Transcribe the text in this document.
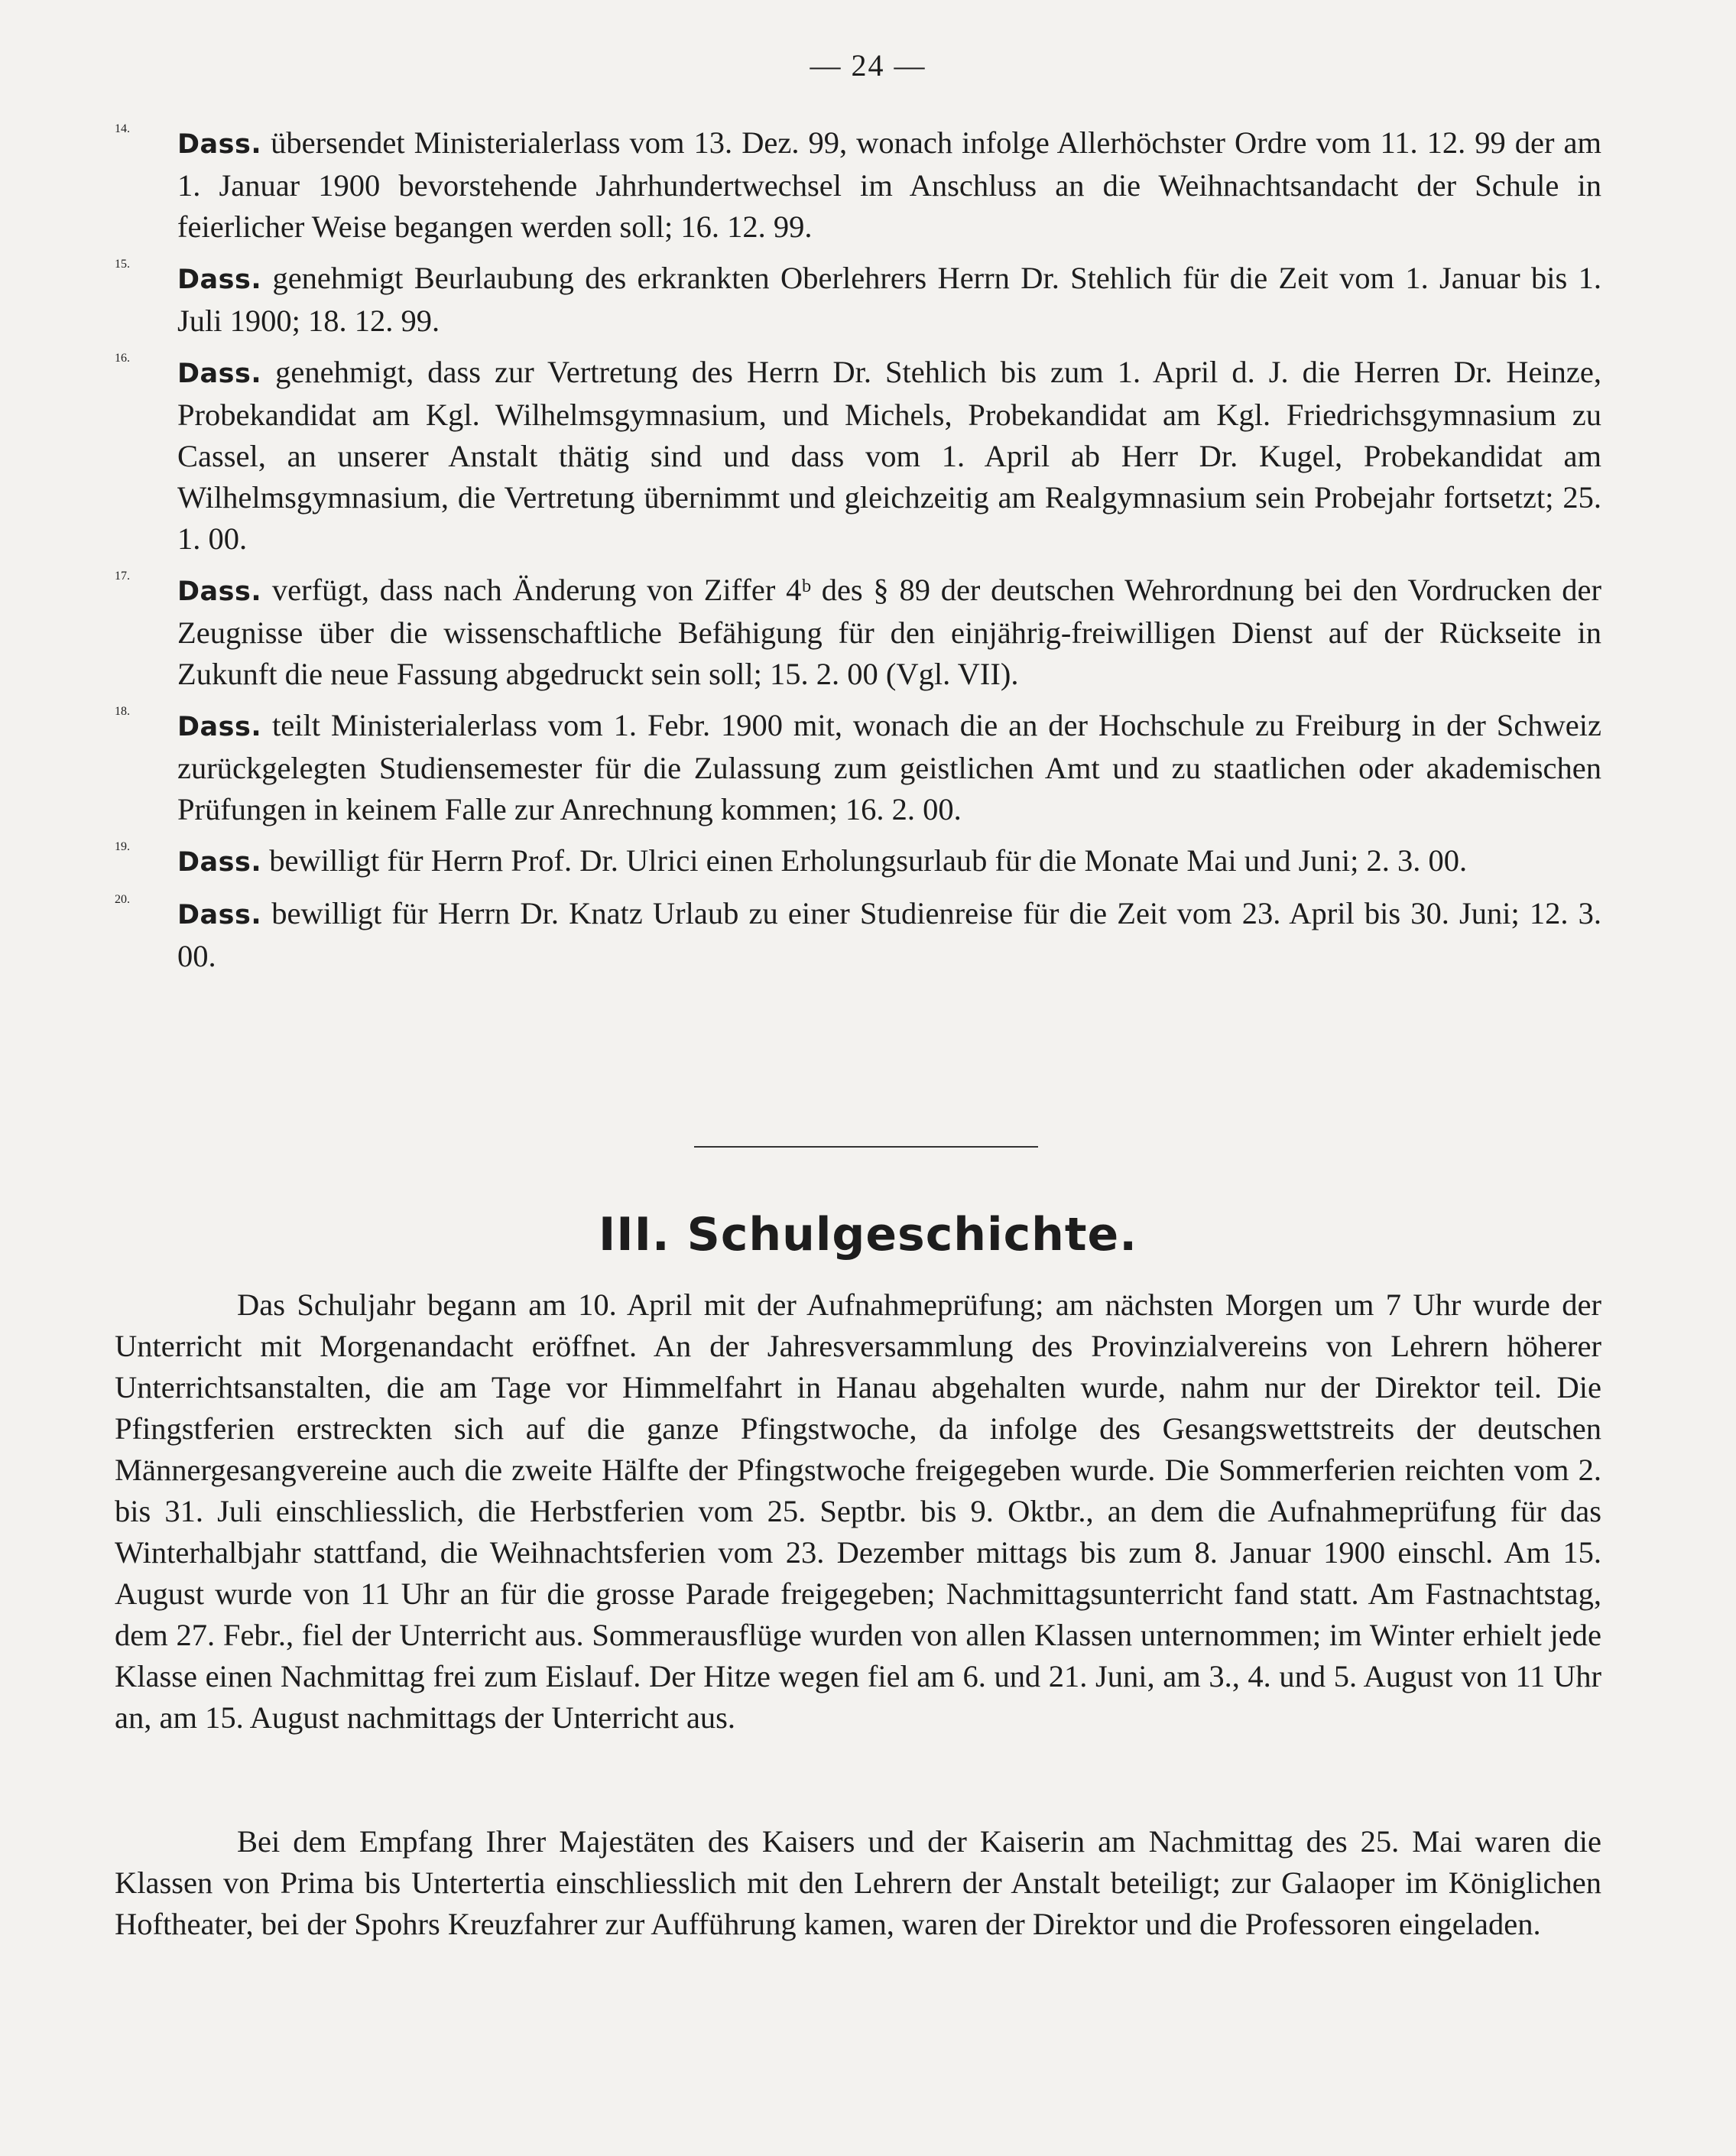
— 24 —
14.

Dass. übersendet Ministerialerlass vom 13. Dez. 99, wonach infolge Allerhöchster Ordre vom 11. 12. 99 der am 1. Januar 1900 bevorstehende Jahrhundertwechsel im Anschluss an die Weihnachtsandacht der Schule in feierlicher Weise begangen werden soll; 16. 12. 99.

15.

Dass. genehmigt Beurlaubung des erkrankten Oberlehrers Herrn Dr. Stehlich für die Zeit vom 1. Januar bis 1. Juli 1900; 18. 12. 99.

16.

Dass. genehmigt, dass zur Vertretung des Herrn Dr. Stehlich bis zum 1. April d. J. die Herren Dr. Heinze, Probekandidat am Kgl. Wilhelmsgymnasium, und Michels, Probekandidat am Kgl. Friedrichsgymnasium zu Cassel, an unserer Anstalt thätig sind und dass vom 1. April ab Herr Dr. Kugel, Probekandidat am Wilhelmsgymnasium, die Vertretung übernimmt und gleichzeitig am Realgymnasium sein Probejahr fortsetzt; 25. 1. 00.

17.

Dass. verfügt, dass nach Änderung von Ziffer 4ᵇ des § 89 der deutschen Wehrordnung bei den Vordrucken der Zeugnisse über die wissenschaftliche Befähigung für den einjährig-freiwilligen Dienst auf der Rückseite in Zukunft die neue Fassung abgedruckt sein soll; 15. 2. 00 (Vgl. VII).

18.

Dass. teilt Ministerialerlass vom 1. Febr. 1900 mit, wonach die an der Hochschule zu Freiburg in der Schweiz zurückgelegten Studiensemester für die Zulassung zum geistlichen Amt und zu staatlichen oder akademischen Prüfungen in keinem Falle zur Anrechnung kommen; 16. 2. 00.

19.

Dass. bewilligt für Herrn Prof. Dr. Ulrici einen Erholungsurlaub für die Monate Mai und Juni; 2. 3. 00.

20.

Dass. bewilligt für Herrn Dr. Knatz Urlaub zu einer Studienreise für die Zeit vom 23. April bis 30. Juni; 12. 3. 00.

III. Schulgeschichte.

Das Schuljahr begann am 10. April mit der Aufnahmeprüfung; am nächsten Morgen um 7 Uhr wurde der Unterricht mit Morgenandacht eröffnet. An der Jahresversammlung des Provinzialvereins von Lehrern höherer Unterrichtsanstalten, die am Tage vor Himmelfahrt in Hanau abgehalten wurde, nahm nur der Direktor teil. Die Pfingstferien erstreckten sich auf die ganze Pfingstwoche, da infolge des Gesangswettstreits der deutschen Männergesangvereine auch die zweite Hälfte der Pfingstwoche freigegeben wurde. Die Sommerferien reichten vom 2. bis 31. Juli einschliesslich, die Herbstferien vom 25. Septbr. bis 9. Oktbr., an dem die Aufnahmeprüfung für das Winterhalbjahr stattfand, die Weihnachtsferien vom 23. Dezember mittags bis zum 8. Januar 1900 einschl. Am 15. August wurde von 11 Uhr an für die grosse Parade freigegeben; Nachmittagsunterricht fand statt. Am Fastnachtstag, dem 27. Febr., fiel der Unterricht aus. Sommerausflüge wurden von allen Klassen unternommen; im Winter erhielt jede Klasse einen Nachmittag frei zum Eislauf. Der Hitze wegen fiel am 6. und 21. Juni, am 3., 4. und 5. August von 11 Uhr an, am 15. August nachmittags der Unterricht aus.

Bei dem Empfang Ihrer Majestäten des Kaisers und der Kaiserin am Nachmittag des 25. Mai waren die Klassen von Prima bis Untertertia einschliesslich mit den Lehrern der Anstalt beteiligt; zur Galaoper im Königlichen Hoftheater, bei der Spohrs Kreuzfahrer zur Aufführung kamen, waren der Direktor und die Professoren eingeladen.
